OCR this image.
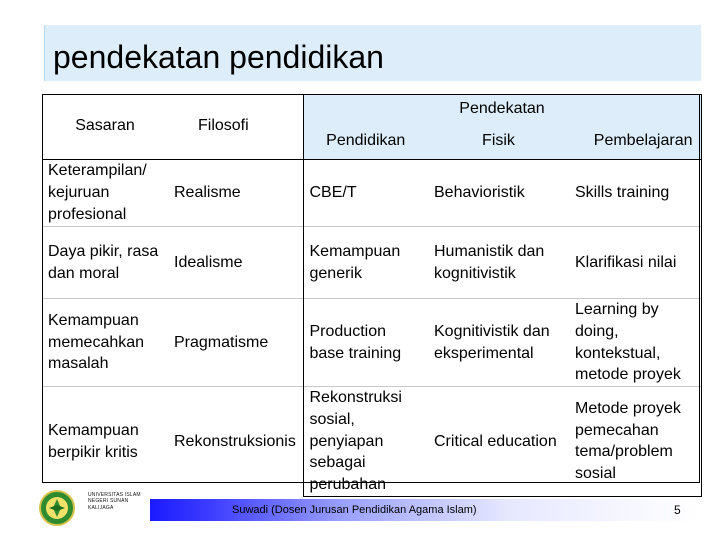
pendekatan pendidikan
Sasaran	Filosofi	Pendekatan		
		Pendidikan	Fisik	Pembelajaran
Keterampilan/ kejuruan profesional	Realisme	CBE/T	Behavioristik	Skills training
Daya pikir, rasa dan moral	Idealisme	Kemampuan generik	Humanistik dan kognitivistik	Klarifikasi nilai
Kemampuan memecahkan masalah	Pragmatisme	Production base training	Kognitivistik dan eksperimental	Learning by doing, kontekstual, metode proyek
Kemampuan berpikir kritis	Rekonstruksionis	Rekonstruksi sosial, penyiapan sebagai perubahan	Critical education	Metode proyek pemecahan tema/problem sosial
UNIVERSITAS ISLAM NEGERI SUNAN KALIJAGA	Suwadi (Dosen Jurusan Pendidikan Agama Islam)	5
